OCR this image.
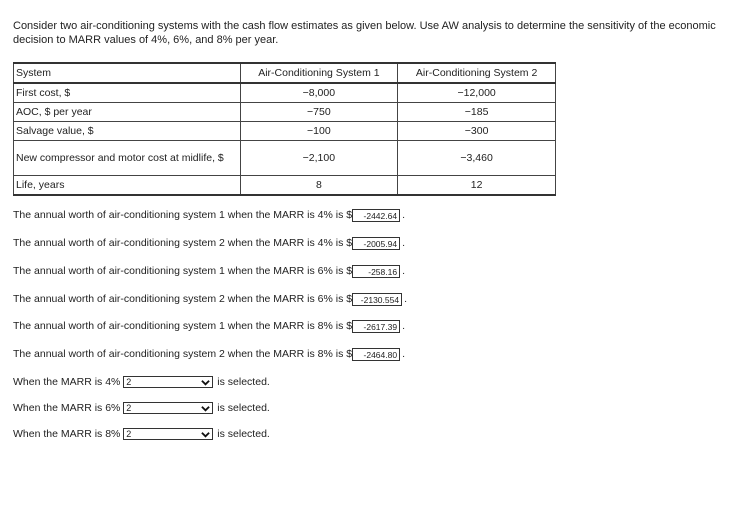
Consider two air-conditioning systems with the cash flow estimates as given below. Use AW analysis to determine the sensitivity of the economic decision to MARR values of 4%, 6%, and 8% per year.
System	Air-Conditioning System 1	Air-Conditioning System 2
First cost, $	−8,000	−12,000
AOC, $ per year	−750	−185
Salvage value, $	−100	−300
New compressor and motor cost at midlife, $	−2,100	−3,460
Life, years	8	12
The annual worth of air-conditioning system 1 when the MARR is 4% is $ -2442.64 .
The annual worth of air-conditioning system 2 when the MARR is 4% is $ -2005.94 .
The annual worth of air-conditioning system 1 when the MARR is 6% is $ -258.16 .
The annual worth of air-conditioning system 2 when the MARR is 6% is $ -2130.554 .
The annual worth of air-conditioning system 1 when the MARR is 8% is $ -2617.39 .
The annual worth of air-conditioning system 2 when the MARR is 8% is $ -2464.80 .
When the MARR is 4% 2	is selected.
When the MARR is 6% 2	is selected.
When the MARR is 8% 2	is selected.
